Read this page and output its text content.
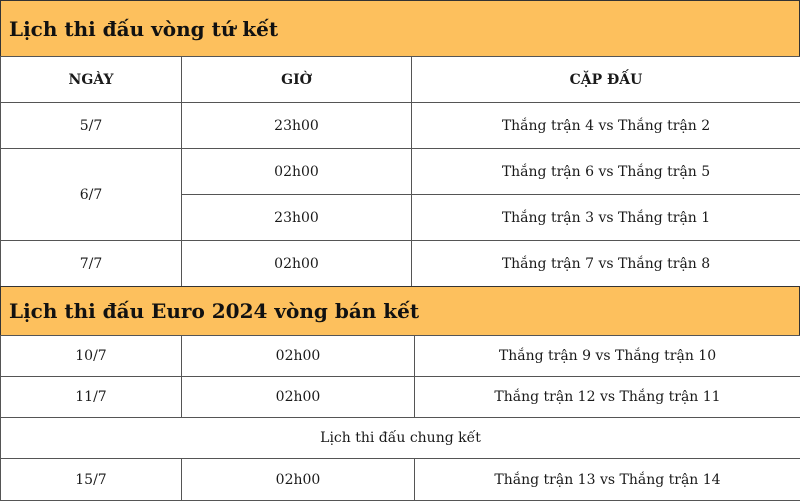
Lịch thi đấu vòng tứ kết
NGÀY	GIỜ	CẶP ĐẤU
5/7	23h00	Thắng trận 4 vs Thắng trận 2
6/7	02h00	Thắng trận 6 vs Thắng trận 5
	23h00	Thắng trận 3 vs Thắng trận 1
7/7	02h00	Thắng trận 7 vs Thắng trận 8
Lịch thi đấu Euro 2024 vòng bán kết
10/7	02h00	Thắng trận 9 vs Thắng trận 10
11/7	02h00	Thắng trận 12 vs Thắng trận 11
Lịch thi đấu chung kết		
15/7	02h00	Thắng trận 13 vs Thắng trận 14
